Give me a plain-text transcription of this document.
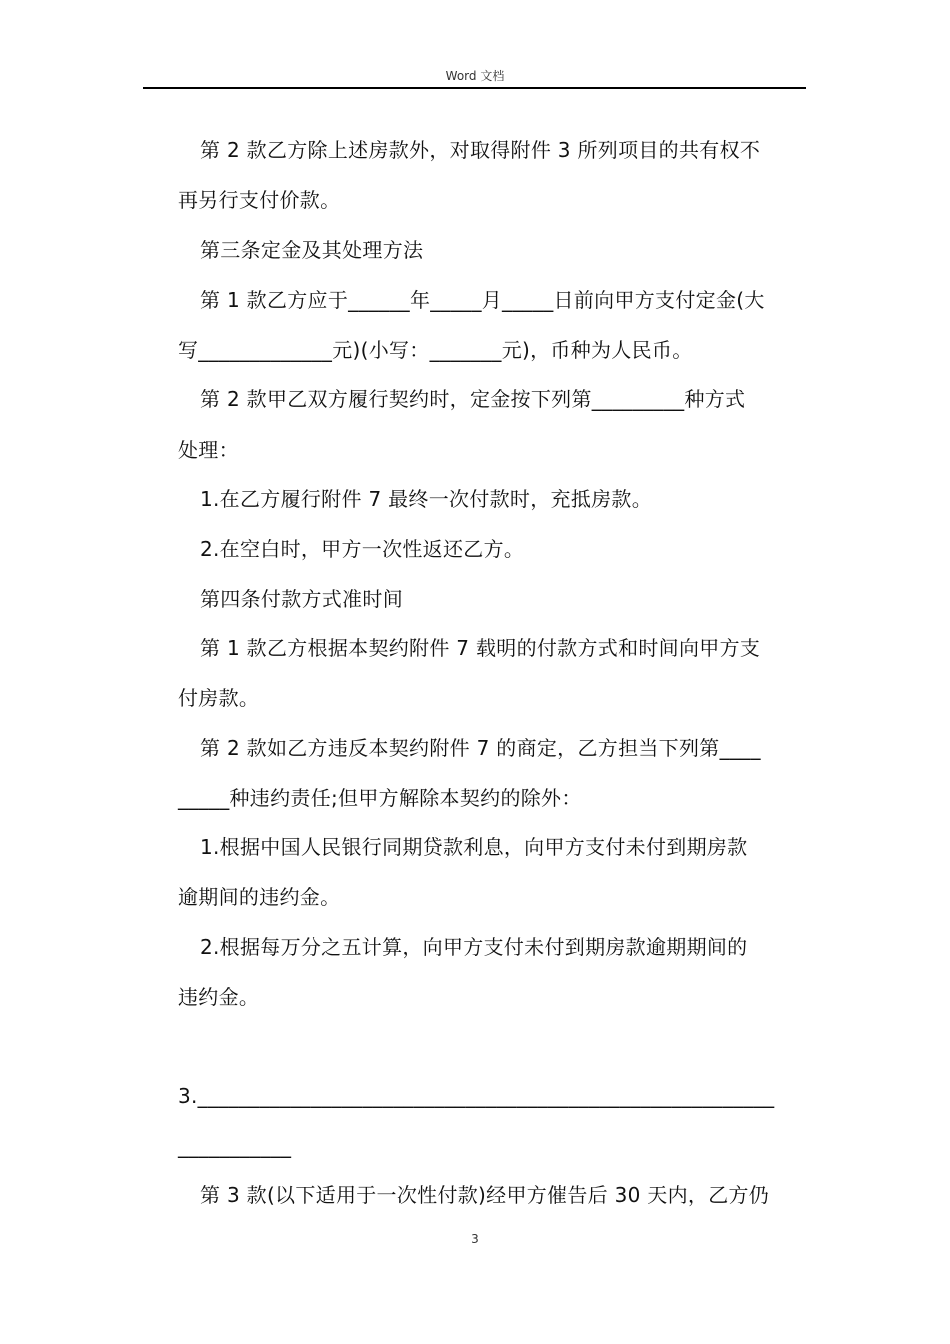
Word 文档
第 2 款乙方除上述房款外，对取得附件 3 所列项目的共有权不
再另行支付价款。
第三条定金及其处理方法
第 1 款乙方应于______年_____月_____日前向甲方支付定金(大
写_____________元)(小写：_______元)，币种为人民币。
第 2 款甲乙双方履行契约时，定金按下列第_________种方式
处理：
1.在乙方履行附件 7 最终一次付款时，充抵房款。
2.在空白时，甲方一次性返还乙方。
第四条付款方式准时间
第 1 款乙方根据本契约附件 7 载明的付款方式和时间向甲方支
付房款。
第 2 款如乙方违反本契约附件 7 的商定，乙方担当下列第____
_____种违约责任;但甲方解除本契约的除外：
1.根据中国人民银行同期贷款利息，向甲方支付未付到期房款
逾期间的违约金。
2.根据每万分之五计算，向甲方支付未付到期房款逾期期间的
违约金。
3.________________________________________________________
___________
第 3 款(以下适用于一次性付款)经甲方催告后 30 天内，乙方仍
3
